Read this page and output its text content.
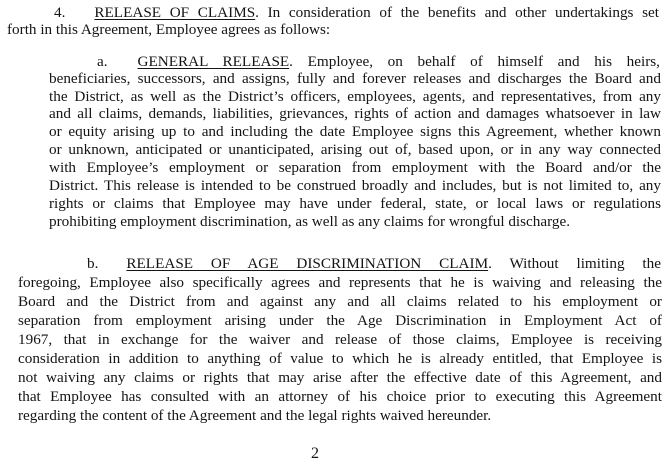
4. RELEASE OF CLAIMS. In consideration of the benefits and other undertakings set
forth in this Agreement, Employee agrees as follows:
a. GENERAL RELEASE. Employee, on behalf of himself and his heirs,
beneficiaries, successors, and assigns, fully and forever releases and discharges the Board and
the District, as well as the District’s officers, employees, agents, and representatives, from any
and all claims, demands, liabilities, grievances, rights of action and damages whatsoever in law
or equity arising up to and including the date Employee signs this Agreement, whether known
or unknown, anticipated or unanticipated, arising out of, based upon, or in any way connected
with Employee’s employment or separation from employment with the Board and/or the
District. This release is intended to be construed broadly and includes, but is not limited to, any
rights or claims that Employee may have under federal, state, or local laws or regulations
prohibiting employment discrimination, as well as any claims for wrongful discharge.
b. RELEASE OF AGE DISCRIMINATION CLAIM. Without limiting the
foregoing, Employee also specifically agrees and represents that he is waiving and releasing the
Board and the District from and against any and all claims related to his employment or
separation from employment arising under the Age Discrimination in Employment Act of
1967, that in exchange for the waiver and release of those claims, Employee is receiving
consideration in addition to anything of value to which he is already entitled, that Employee is
not waiving any claims or rights that may arise after the effective date of this Agreement, and
that Employee has consulted with an attorney of his choice prior to executing this Agreement
regarding the content of the Agreement and the legal rights waived hereunder.
2
